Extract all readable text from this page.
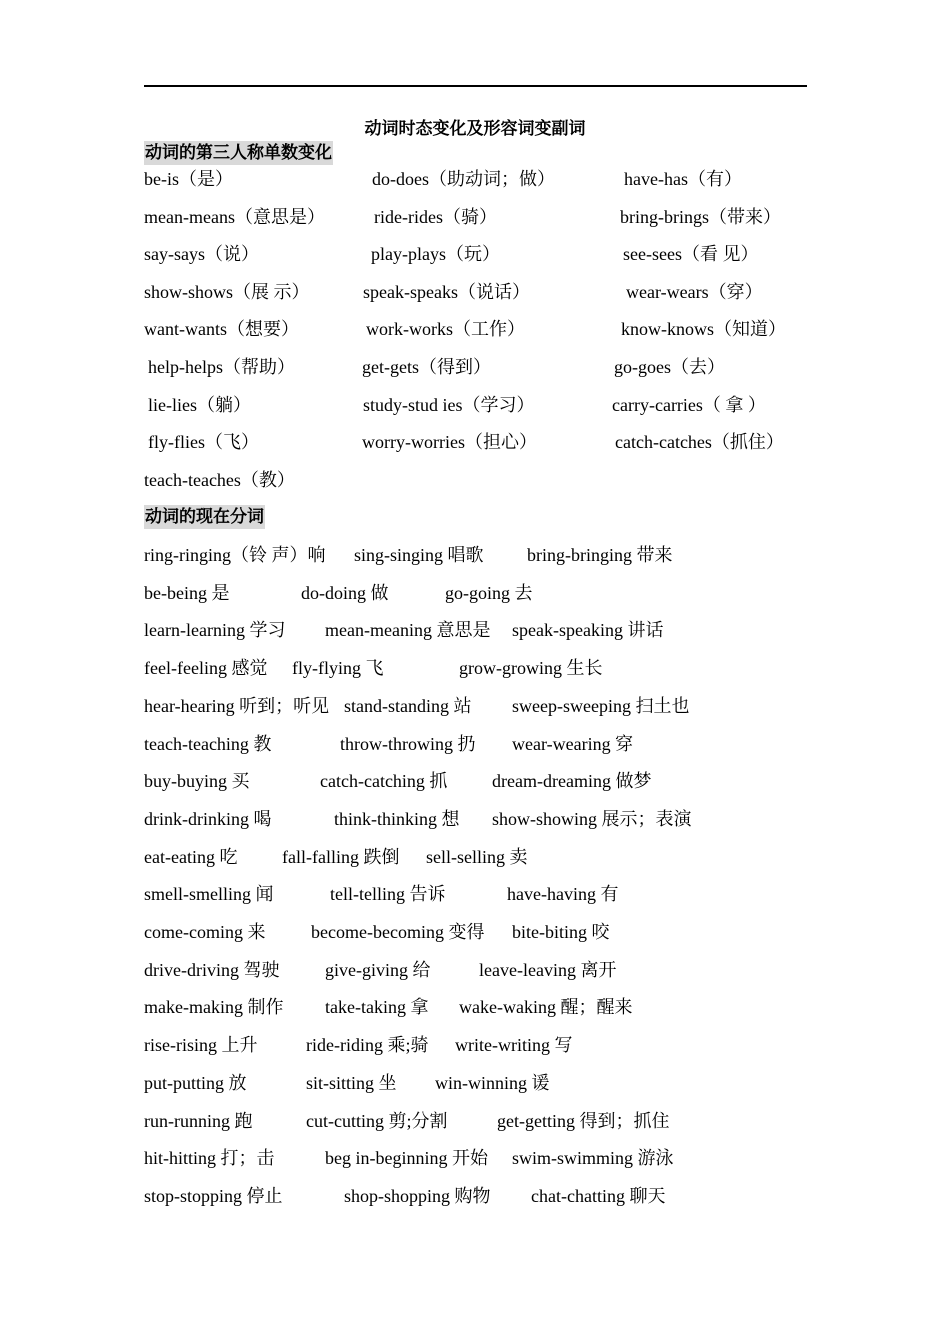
动词时态变化及形容词变副词
动词的第三人称单数变化
be-is（是）	do-does（助动词；做）	have-has（有）
mean-means（意思是）	ride-rides（骑）	bring-brings（带来）
say-says（说）	play-plays（玩）	see-sees（看 见）
show-shows（展 示）	speak-speaks（说话）	wear-wears（穿）
want-wants（想要）	work-works（工作）	know-knows（知道）
help-helps（帮助）	get-gets（得到）	go-goes（去）
lie-lies（躺）	study-stud ies（学习）	carry-carries（ 拿 ）
fly-flies（飞）	worry-worries（担心）	catch-catches（抓住）
teach-teaches（教）
动词的现在分词
ring-ringing（铃 声）响 sing-singing 唱歌 bring-bringing 带来
be-being 是	do-doing 做	go-going 去
learn-learning 学习 mean-meaning 意思是 speak-speaking 讲话
feel-feeling 感觉 fly-flying 飞	grow-growing 生长
hear-hearing 听到；听见 stand-standing 站 sweep-sweeping 扫土也
teach-teaching 教	throw-throwing 扔 wear-wearing 穿
buy-buying 买	catch-catching 抓 dream-dreaming 做梦
drink-drinking 喝	think-thinking 想 show-showing 展示；表演
eat-eating 吃 fall-falling 跌倒 sell-selling 卖
smell-smelling 闻	tell-telling 告诉	have-having 有
come-coming 来	become-becoming 变得 bite-biting 咬
drive-driving 驾驶	give-giving 给	leave-leaving 离开
make-making 制作 take-taking 拿 wake-waking 醒；醒来
rise-rising 上升	ride-riding 乘;骑 write-writing 写
put-putting 放	sit-sitting 坐 win-winning 谖
run-running 跑	cut-cutting 剪;分割	get-getting 得到；抓住
hit-hitting 打；击	beg in-beginning 开始 swim-swimming 游泳
stop-stopping 停止	shop-shopping 购物 chat-chatting 聊天
